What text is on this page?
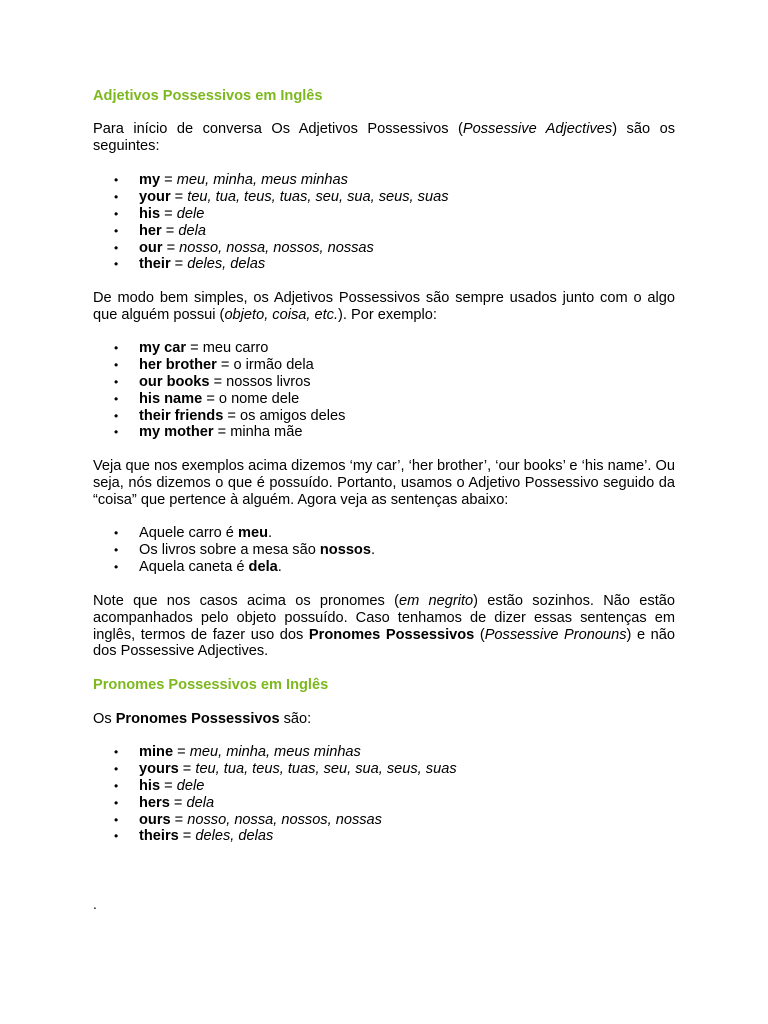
Adjetivos Possessivos em Inglês

Para início de conversa Os Adjetivos Possessivos (Possessive Adjectives) são os seguintes:

• my = meu, minha, meus minhas
• your = teu, tua, teus, tuas, seu, sua, seus, suas
• his = dele
• her = dela
• our = nosso, nossa, nossos, nossas
• their = deles, delas

De modo bem simples, os Adjetivos Possessivos são sempre usados junto com o algo que alguém possui (objeto, coisa, etc.). Por exemplo:

• my car = meu carro
• her brother = o irmão dela
• our books = nossos livros
• his name = o nome dele
• their friends = os amigos deles
• my mother = minha mãe

Veja que nos exemplos acima dizemos ‘my car’, ‘her brother’, ‘our books’ e ‘his name’. Ou seja, nós dizemos o que é possuído. Portanto, usamos o Adjetivo Possessivo seguido da “coisa” que pertence à alguém. Agora veja as sentenças abaixo:

• Aquele carro é meu.
• Os livros sobre a mesa são nossos.
• Aquela caneta é dela.

Note que nos casos acima os pronomes (em negrito) estão sozinhos. Não estão acompanhados pelo objeto possuído. Caso tenhamos de dizer essas sentenças em inglês, termos de fazer uso dos Pronomes Possessivos (Possessive Pronouns) e não dos Possessive Adjectives.

Pronomes Possessivos em Inglês

Os Pronomes Possessivos são:

• mine = meu, minha, meus minhas
• yours = teu, tua, teus, tuas, seu, sua, seus, suas
• his = dele
• hers = dela
• ours = nosso, nossa, nossos, nossas
• theirs = deles, delas
.
